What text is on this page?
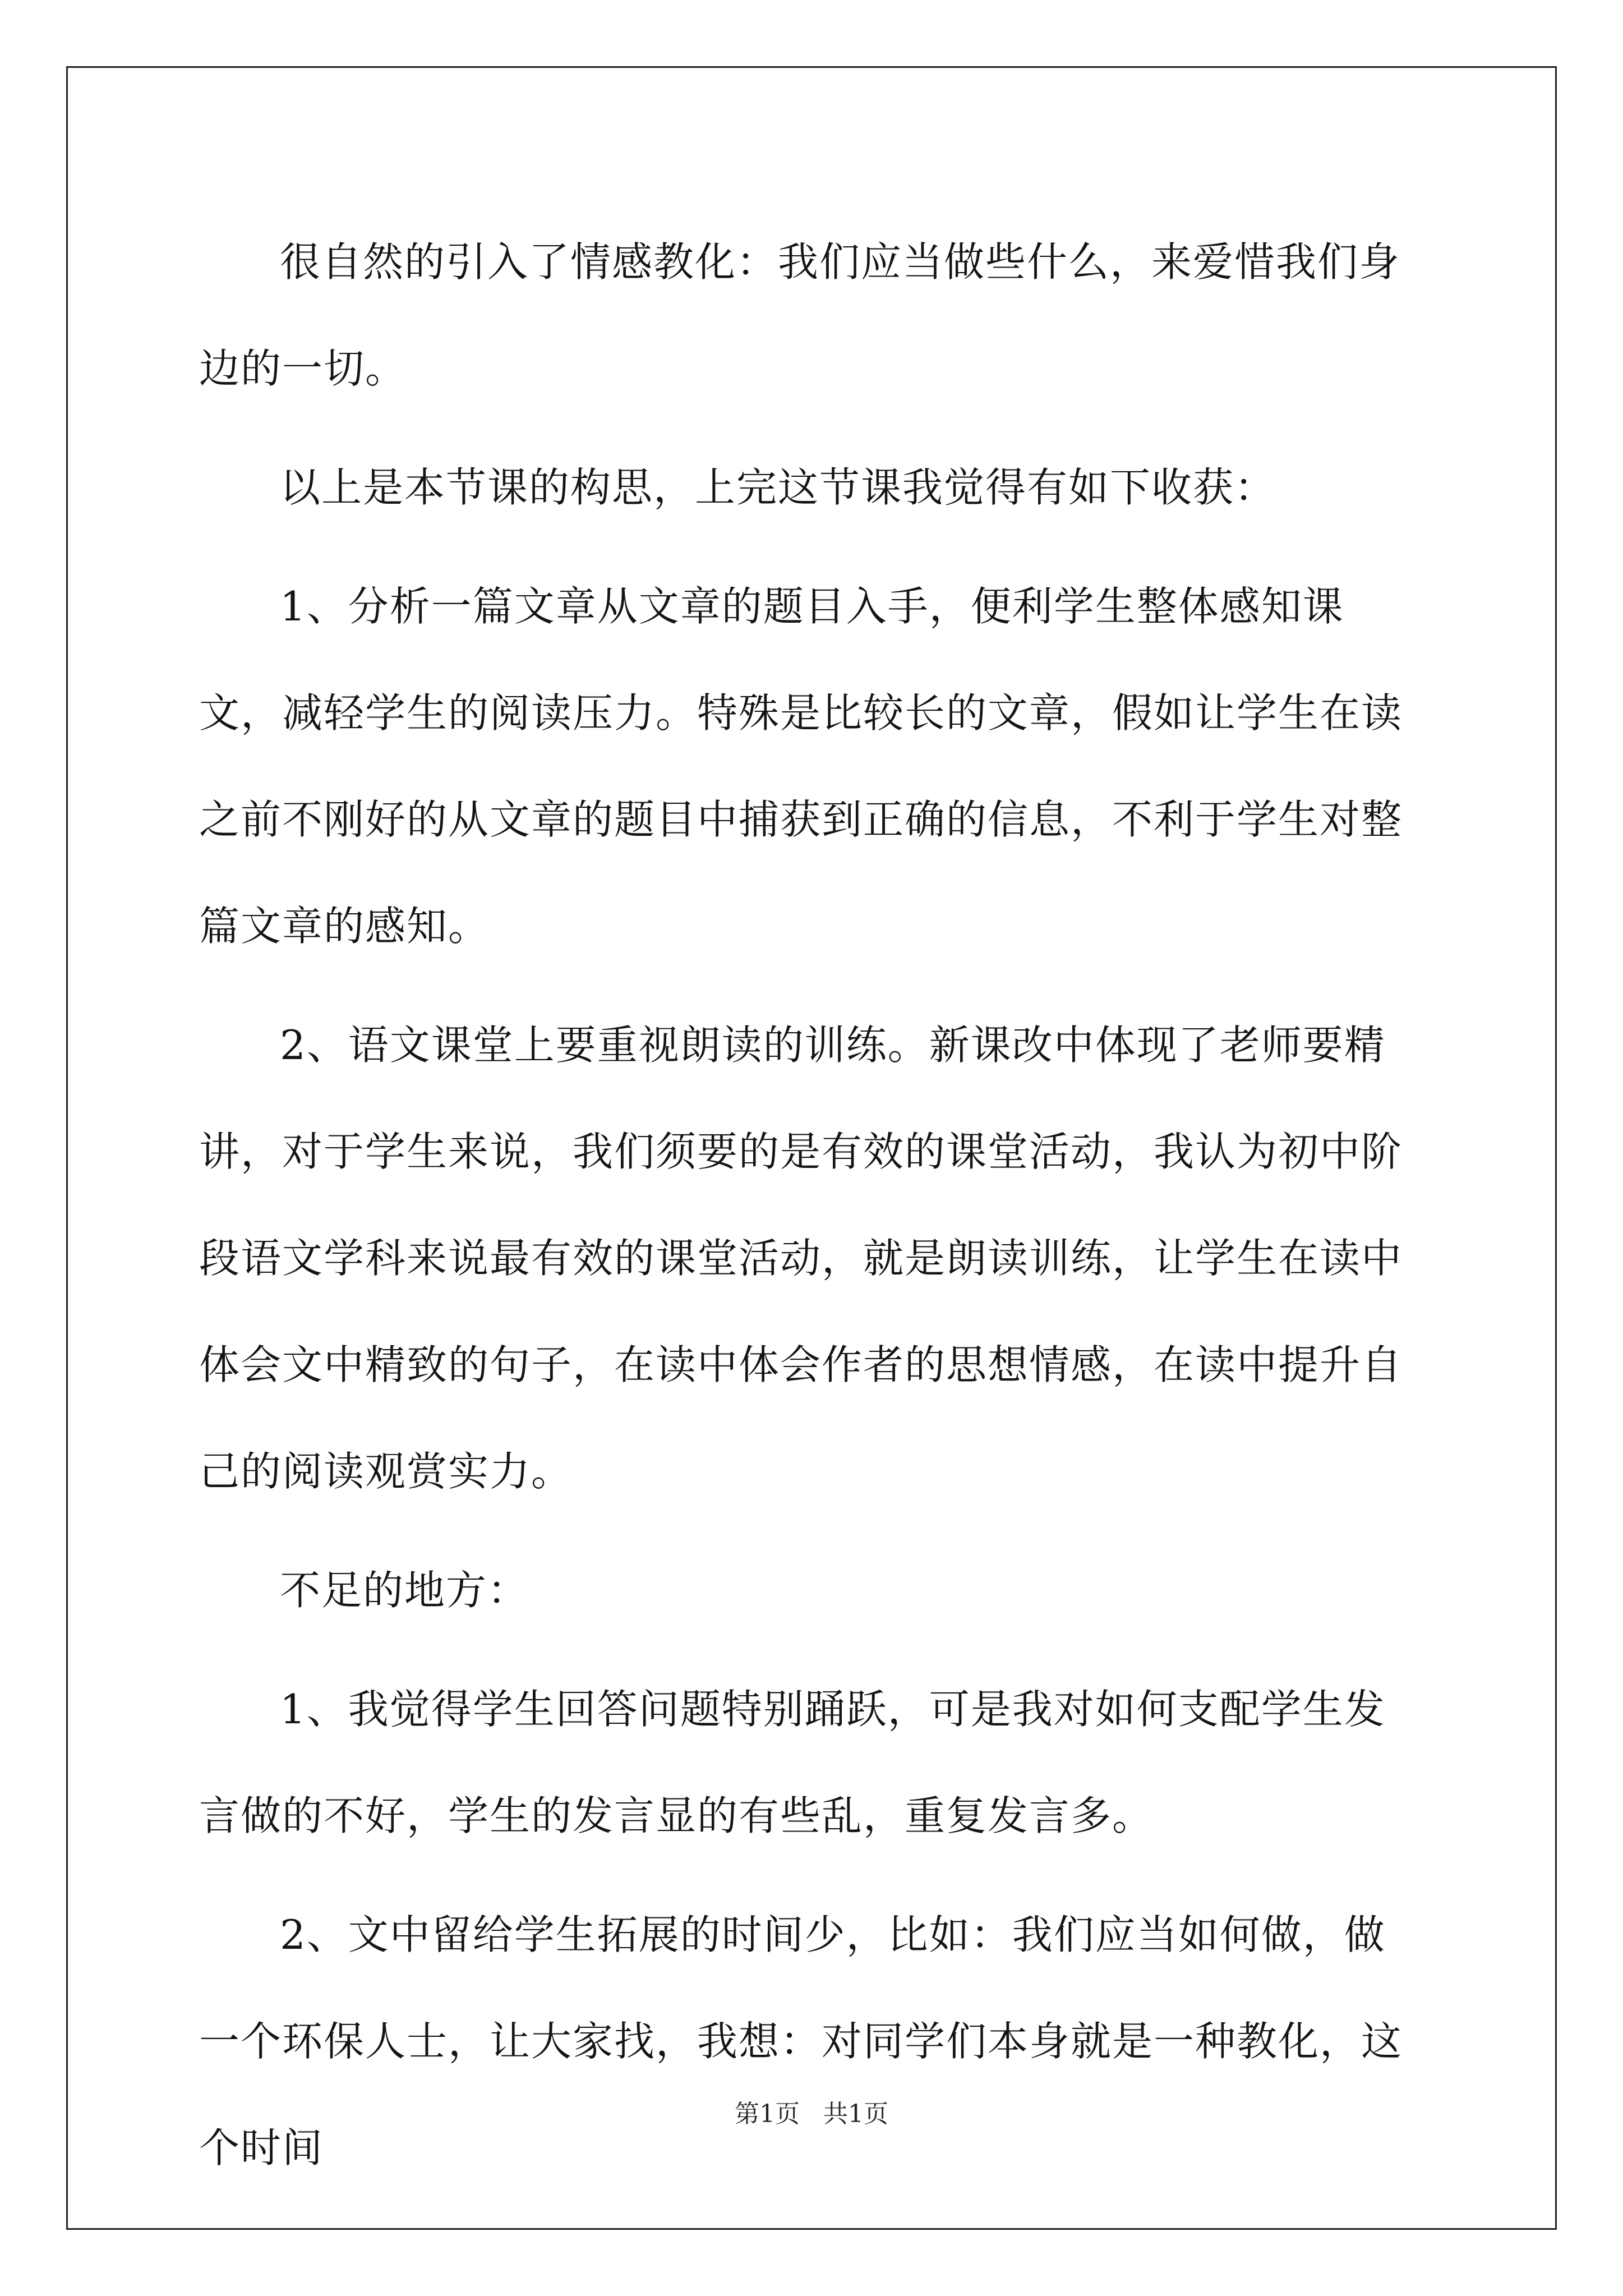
很自然的引入了情感教化：我们应当做些什么，来爱惜我们身边的一切。

以上是本节课的构思，上完这节课我觉得有如下收获：

1、分析一篇文章从文章的题目入手，便利学生整体感知课文，减轻学生的阅读压力。特殊是比较长的文章，假如让学生在读之前不刚好的从文章的题目中捕获到正确的信息，不利于学生对整篇文章的感知。

2、语文课堂上要重视朗读的训练。新课改中体现了老师要精讲，对于学生来说，我们须要的是有效的课堂活动，我认为初中阶段语文学科来说最有效的课堂活动，就是朗读训练，让学生在读中体会文中精致的句子，在读中体会作者的思想情感，在读中提升自己的阅读观赏实力。

不足的地方：

1、我觉得学生回答问题特别踊跃，可是我对如何支配学生发言做的不好，学生的发言显的有些乱，重复发言多。

2、文中留给学生拓展的时间少，比如：我们应当如何做，做一个环保人士，让大家找，我想：对同学们本身就是一种教化，这个时间

第1页   共1页
